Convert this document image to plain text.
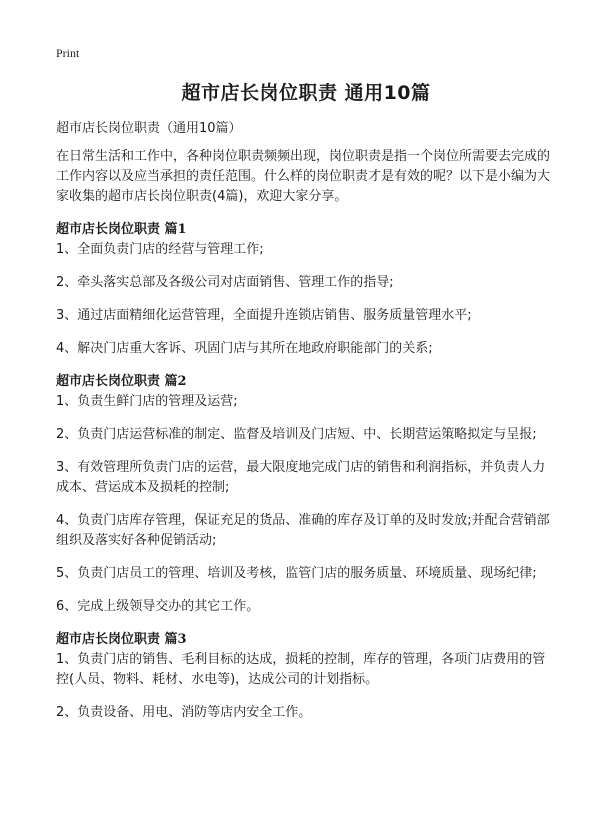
Print
超市店长岗位职责 通用10篇

超市店长岗位职责（通用10篇）

在日常生活和工作中，各种岗位职责频频出现，岗位职责是指一个岗位所需要去完成的工作内容以及应当承担的责任范围。什么样的岗位职责才是有效的呢？以下是小编为大家收集的超市店长岗位职责(4篇)，欢迎大家分享。

超市店长岗位职责 篇1

1、全面负责门店的经营与管理工作;

2、牵头落实总部及各级公司对店面销售、管理工作的指导;

3、通过店面精细化运营管理，全面提升连锁店销售、服务质量管理水平;

4、解决门店重大客诉、巩固门店与其所在地政府职能部门的关系;

超市店长岗位职责 篇2

1、负责生鲜门店的管理及运营;

2、负责门店运营标准的制定、监督及培训及门店短、中、长期营运策略拟定与呈报;

3、有效管理所负责门店的运营，最大限度地完成门店的销售和利润指标，并负责人力成本、营运成本及损耗的控制;

4、负责门店库存管理，保证充足的货品、准确的库存及订单的及时发放;并配合营销部组织及落实好各种促销活动;

5、负责门店员工的管理、培训及考核，监管门店的服务质量、环境质量、现场纪律;

6、完成上级领导交办的其它工作。

超市店长岗位职责 篇3

1、负责门店的销售、毛利目标的达成，损耗的控制，库存的管理，各项门店费用的管控(人员、物料、耗材、水电等)，达成公司的计划指标。

2、负责设备、用电、消防等店内安全工作。
